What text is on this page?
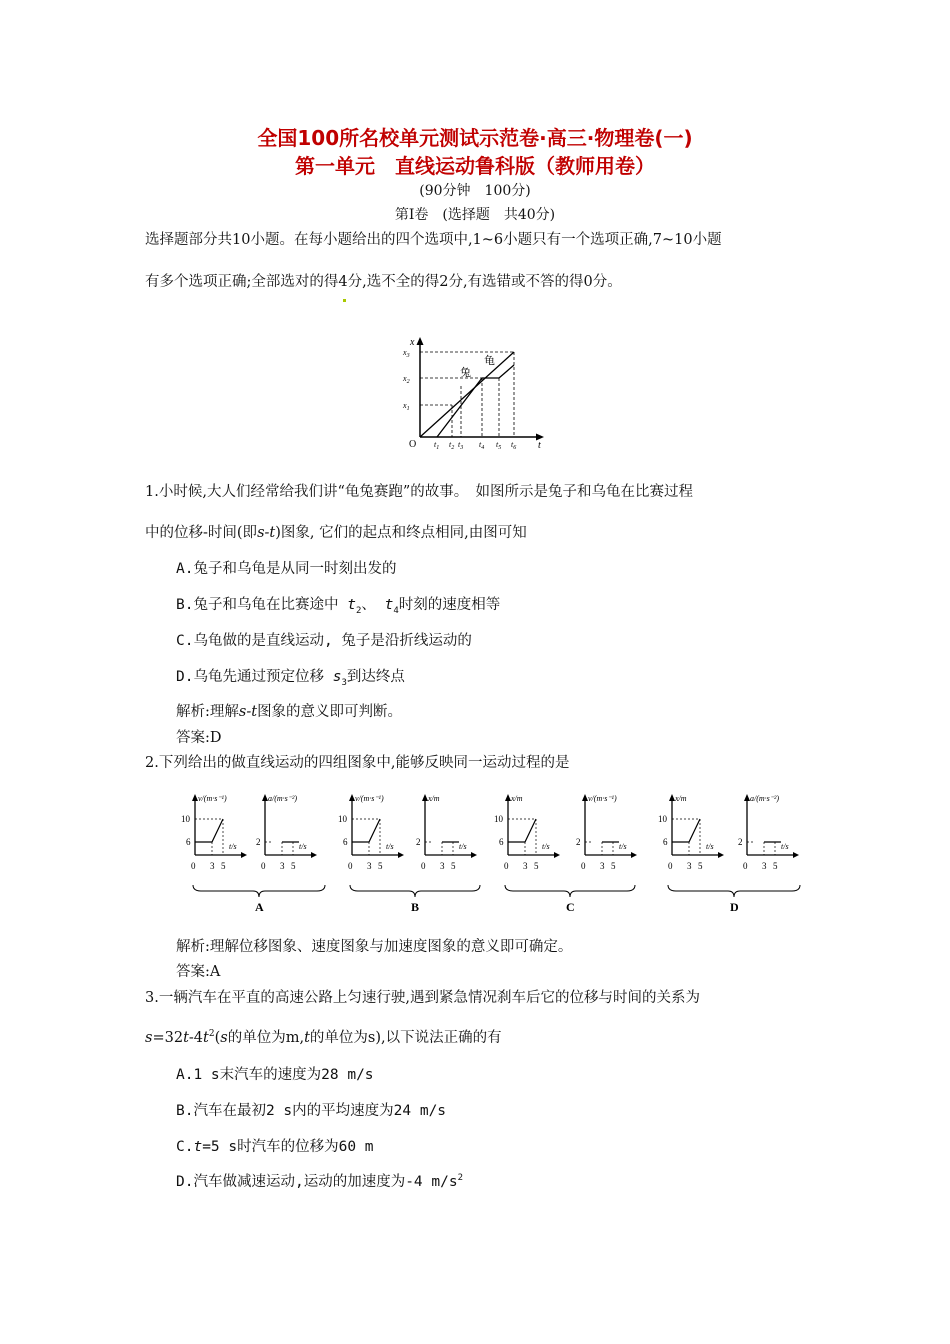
全国100所名校单元测试示范卷·高三·物理卷(一)
第一单元　直线运动鲁科版（教师用卷）
(90分钟　100分)
第Ⅰ卷　(选择题　共40分)
选择题部分共10小题。在每小题给出的四个选项中,1~6小题只有一个选项正确,7~10小题
有多个选项正确;全部选对的得4分,选不全的得2分,有选错或不答的得0分。
x
t
O
$x_3$
$x_2$
$x_1$
$t_1$ $t_2$ $t_3$ $t_4$ $t_5$ $t_6$
龟
兔
1.小时候,大人们经常给我们讲“龟兔赛跑”的故事。　如图所示是兔子和乌龟在比赛过程
中的位移-时间(即s-t)图象, 它们的起点和终点相同,由图可知
A.兔子和乌龟是从同一时刻出发的
B.兔子和乌龟在比赛途中 $t_2$、 $t_4$时刻的速度相等
C.乌龟做的是直线运动, 兔子是沿折线运动的
D.乌龟先通过预定位移 $s_3$到达终点
解析:理解s-t图象的意义即可判断。
答案:D
2.下列给出的做直线运动的四组图象中,能够反映同一运动过程的是
v/(m·s⁻¹)
t/s
0 3 5
10
6
a/(m·s⁻²)
t/s
0 3 5
2
v/(m·s⁻¹)
t/s
0 3 5
10
6
x/m
t/s
0 3 5
2
x/m
t/s
0 3 5
10
6
v/(m·s⁻¹)
t/s
0 3 5
2
x/m
t/s
0 3 5
10
6
a/(m·s⁻²)
t/s
0 3 5
2
A	B	C	D
解析:理解位移图象、速度图象与加速度图象的意义即可确定。
答案:A
3.一辆汽车在平直的高速公路上匀速行驶,遇到紧急情况刹车后它的位移与时间的关系为
$s=32t-4t^2(s$的单位为m,t的单位为s),以下说法正确的有
A.1 s末汽车的速度为28 m/s
B.汽车在最初2 s内的平均速度为24 m/s
C.t=5 s时汽车的位移为60 m
D.汽车做减速运动,运动的加速度为-4 $m/s^2$
